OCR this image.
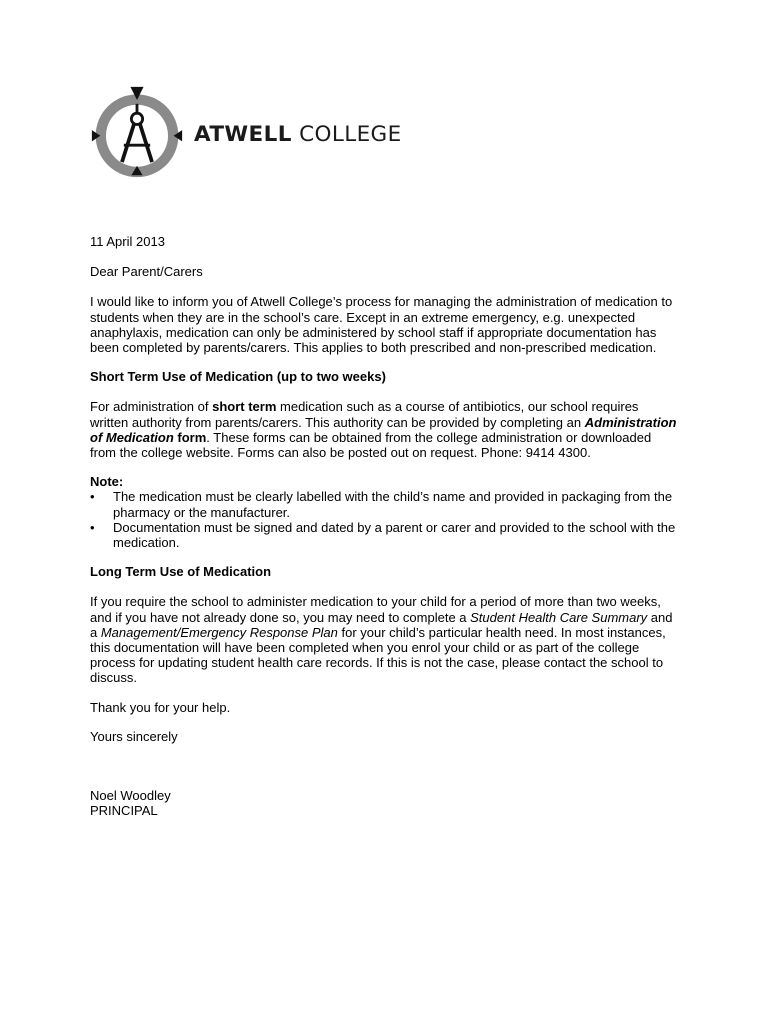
ATWELL COLLEGE

11 April 2013

Dear Parent/Carers

I would like to inform you of Atwell College’s process for managing the administration of medication to students when they are in the school’s care. Except in an extreme emergency, e.g. unexpected anaphylaxis, medication can only be administered by school staff if appropriate documentation has been completed by parents/carers. This applies to both prescribed and non-prescribed medication.

Short Term Use of Medication (up to two weeks)

For administration of short term medication such as a course of antibiotics, our school requires written authority from parents/carers. This authority can be provided by completing an Administration of Medication form. These forms can be obtained from the college administration or downloaded from the college website. Forms can also be posted out on request. Phone: 9414 4300.

Note:

• The medication must be clearly labelled with the child’s name and provided in packaging from the pharmacy or the manufacturer.
• Documentation must be signed and dated by a parent or carer and provided to the school with the medication.

Long Term Use of Medication

If you require the school to administer medication to your child for a period of more than two weeks, and if you have not already done so, you may need to complete a Student Health Care Summary and a Management/Emergency Response Plan for your child’s particular health need. In most instances, this documentation will have been completed when you enrol your child or as part of the college process for updating student health care records. If this is not the case, please contact the school to discuss.

Thank you for your help.

Yours sincerely

Noel Woodley

PRINCIPAL
